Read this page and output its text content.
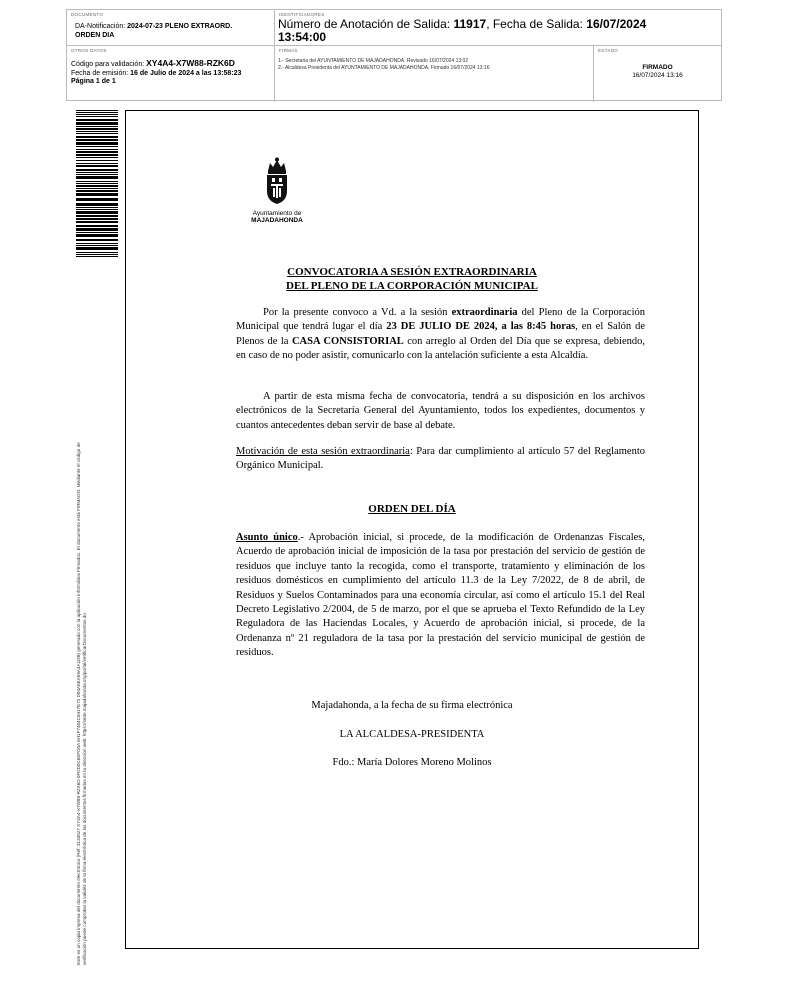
DOCUMENTO
DA-Notificación: 2024-07-23 PLENO EXTRAORD.
ORDEN DIA
IDENTIFICADORES
Número de Anotación de Salida: 11917, Fecha de Salida: 16/07/2024
13:54:00
OTROS DATOS
Código para validación: XY4A4-X7W88-RZK6D
Fecha de emisión: 16 de Julio de 2024 a las 13:58:23
Página 1 de 1
FIRMAS
1.- Secretaria del AYUNTAMIENTO DE MAJADAHONDA. Revisado 16/07/2024 13:02
2.- Alcaldesa Presidenta del AYUNTAMIENTO DE MAJADAHONDA. Firmado 16/07/2024 13:16
ESTADO
FIRMADO
16/07/2024 13:16
Este es un copia impresa del documento electrónico (Ref: 3133527 XY4A4-X7W88-RZK6D 0FDD0C6EFD0A 8H1F7454C9417E72 D94A6EA59A4A1DB) generado con la aplicación informática Firmadoc. El documento está FIRMADO. Mediante el código de verificación puede comprobar la validez de la firma electrónica de los documentos firmados en la dirección web: https://sede.majadahonda.org/portal/verificarDocumentos.do
Ayuntamiento de
MAJADAHONDA
CONVOCATORIA A SESIÓN EXTRAORDINARIA
DEL PLENO DE LA CORPORACIÓN MUNICIPAL
Por la presente convoco a Vd. a la sesión extraordinaria del Pleno de la Corporación Municipal que tendrá lugar el día 23 DE JULIO DE 2024, a las 8:45 horas, en el Salón de Plenos de la CASA CONSISTORIAL con arreglo al Orden del Día que se expresa, debiendo, en caso de no poder asistir, comunicarlo con la antelación suficiente a esta Alcaldía.
A partir de esta misma fecha de convocatoria, tendrá a su disposición en los archivos electrónicos de la Secretaría General del Ayuntamiento, todos los expedientes, documentos y cuantos antecedentes deban servir de base al debate.
Motivación de esta sesión extraordinaria: Para dar cumplimiento al artículo 57 del Reglamento Orgánico Municipal.
ORDEN DEL DÍA
Asunto único.- Aprobación inicial, si procede, de la modificación de Ordenanzas Fiscales, Acuerdo de aprobación inicial de imposición de la tasa por prestación del servicio de gestión de residuos que incluye tanto la recogida, como el transporte, tratamiento y eliminación de los residuos domésticos en cumplimiento del artículo 11.3 de la Ley 7/2022, de 8 de abril, de Residuos y Suelos Contaminados para una economía circular, así como el artículo 15.1 del Real Decreto Legislativo 2/2004, de 5 de marzo, por el que se aprueba el Texto Refundido de la Ley Reguladora de las Haciendas Locales, y Acuerdo de aprobación inicial, si procede, de la Ordenanza nº 21 reguladora de la tasa por la prestación del servicio municipal de gestión de residuos.
Majadahonda, a la fecha de su firma electrónica
LA ALCALDESA-PRESIDENTA
Fdo.: María Dolores Moreno Molinos
